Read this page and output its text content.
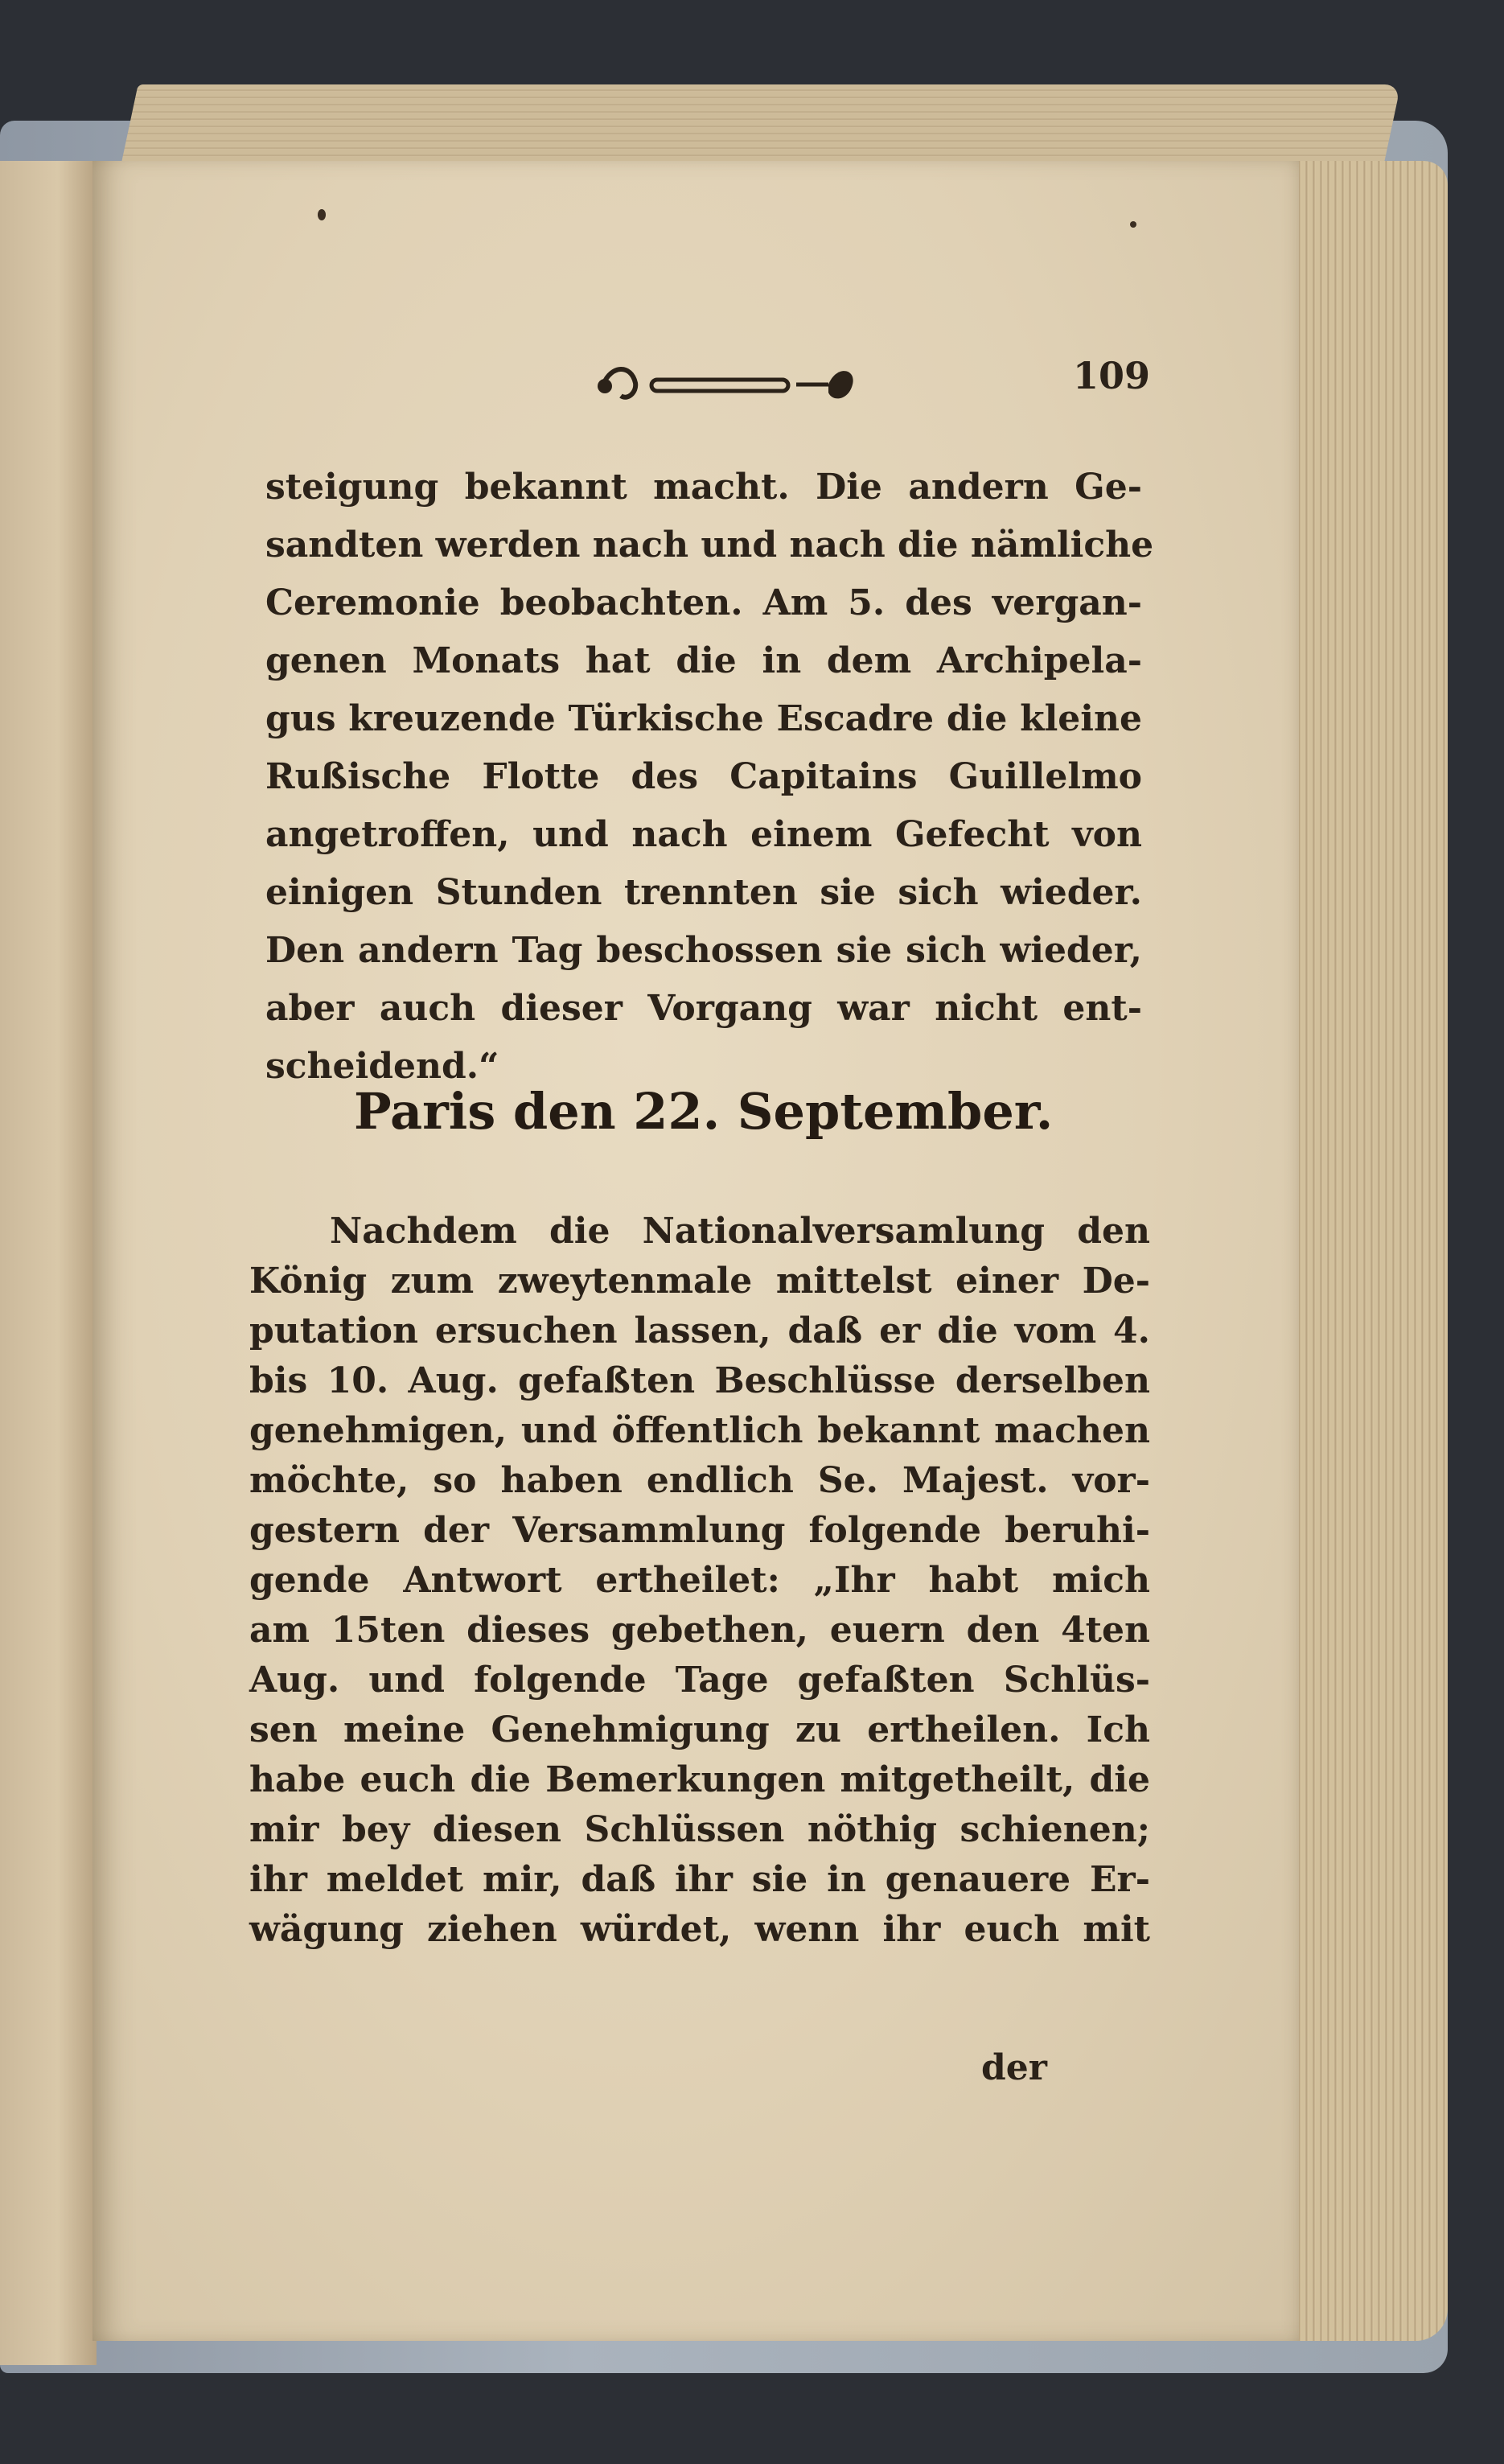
109
steigung bekannt macht. Die andern Ge-
sandten werden nach und nach die nämliche
Ceremonie beobachten. Am 5. des vergan-
genen Monats hat die in dem Archipela-
gus kreuzende Türkische Escadre die kleine
Rußische Flotte des Capitains Guillelmo
angetroffen, und nach einem Gefecht von
einigen Stunden trennten sie sich wieder.
Den andern Tag beschossen sie sich wieder,
aber auch dieser Vorgang war nicht ent-
scheidend.“
Paris den 22. September.
Nachdem die Nationalversamlung den
König zum zweytenmale mittelst einer De-
putation ersuchen lassen, daß er die vom 4.
bis 10. Aug. gefaßten Beschlüsse derselben
genehmigen, und öffentlich bekannt machen
möchte, so haben endlich Se. Majest. vor-
gestern der Versammlung folgende beruhi-
gende Antwort ertheilet: „Ihr habt mich
am 15ten dieses gebethen, euern den 4ten
Aug. und folgende Tage gefaßten Schlüs-
sen meine Genehmigung zu ertheilen. Ich
habe euch die Bemerkungen mitgetheilt, die
mir bey diesen Schlüssen nöthig schienen;
ihr meldet mir, daß ihr sie in genauere Er-
wägung ziehen würdet, wenn ihr euch mit
der
